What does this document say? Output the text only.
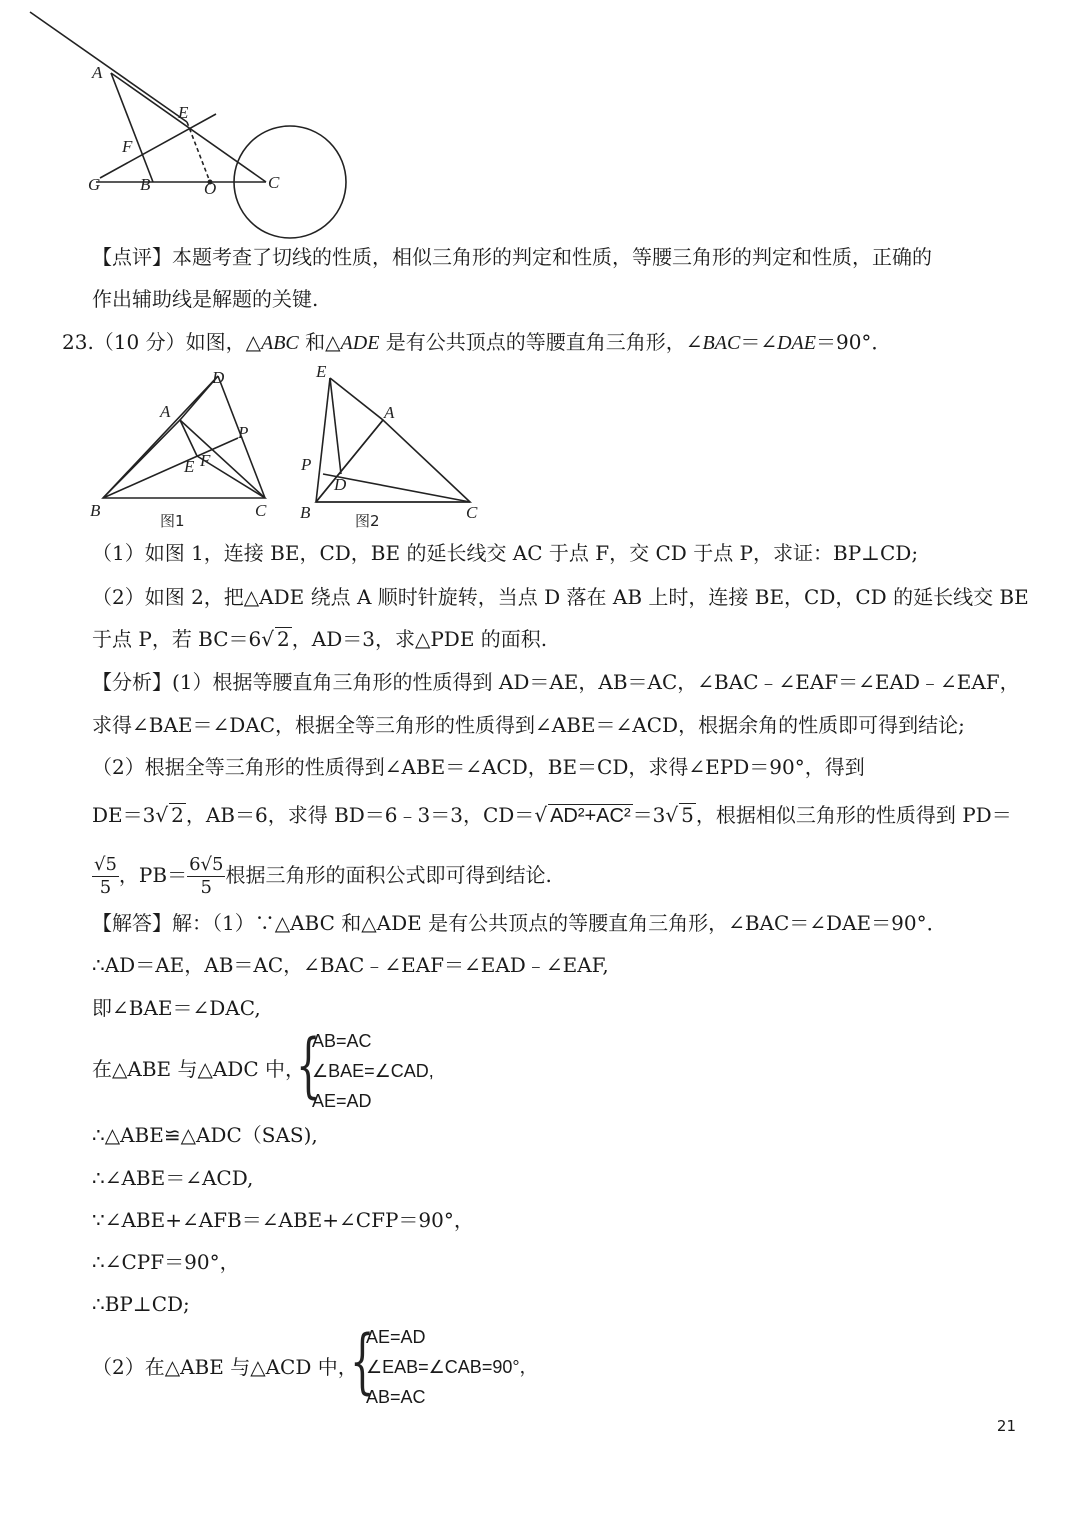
A
E
F
G B	O	C
【点评】本题考查了切线的性质，相似三角形的判定和性质，等腰三角形的判定和性质，正确的
作出辅助线是解题的关键.
23.（10 分）如图，△ABC 和△ADE 是有公共顶点的等腰直角三角形，∠BAC＝∠DAE＝90°．
D
A
P
E F
B	C
图1
E
A
P
D
B	C
图2
（1）如图 1，连接 BE，CD，BE 的延长线交 AC 于点 F，交 CD 于点 P，求证：BP⊥CD;
（2）如图 2，把△ADE 绕点 A 顺时针旋转，当点 D 落在 AB 上时，连接 BE，CD，CD 的延长线交 BE
于点 P，若 BC＝6√ 2 ，AD＝3，求△PDE 的面积.
【分析】(1）根据等腰直角三角形的性质得到 AD＝AE，AB＝AC，∠BAC﹣∠EAF＝∠EAD﹣∠EAF，
求得∠BAE＝∠DAC，根据全等三角形的性质得到∠ABE＝∠ACD，根据余角的性质即可得到结论;
（2）根据全等三角形的性质得到∠ABE＝∠ACD，BE＝CD，求得∠EPD＝90°，得到
DE＝3√ 2 ，AB＝6，求得 BD＝6﹣3＝3，CD＝√ AD²+AC² ＝3√ 5 ，根据相似三角形的性质得到 PD＝
$\frac{√5}{5}$ ，$PB= \frac{6√5}{5}$ 根据三角形的面积公式即可得到结论.
【解答】解：（1）∵△ABC 和△ADE 是有公共顶点的等腰直角三角形，∠BAC＝∠DAE＝90°．
∴AD＝AE，AB＝AC，∠BAC﹣∠EAF＝∠EAD﹣∠EAF,
即∠BAE＝∠DAC,
在△ABE 与△ADC 中，
{
AB=AC
∠BAE=∠CAD,
AE=AD
∴△ABE≌△ADC（SAS),
∴∠ABE＝∠ACD,
∵∠ABE+∠AFB＝∠ABE+∠CFP＝90°，
∴∠CPF＝90°，
∴BP⊥CD;
（2）在△ABE 与△ACD 中，
{
AE=AD
∠EAB=∠CAB=90°，
AB=AC
21
